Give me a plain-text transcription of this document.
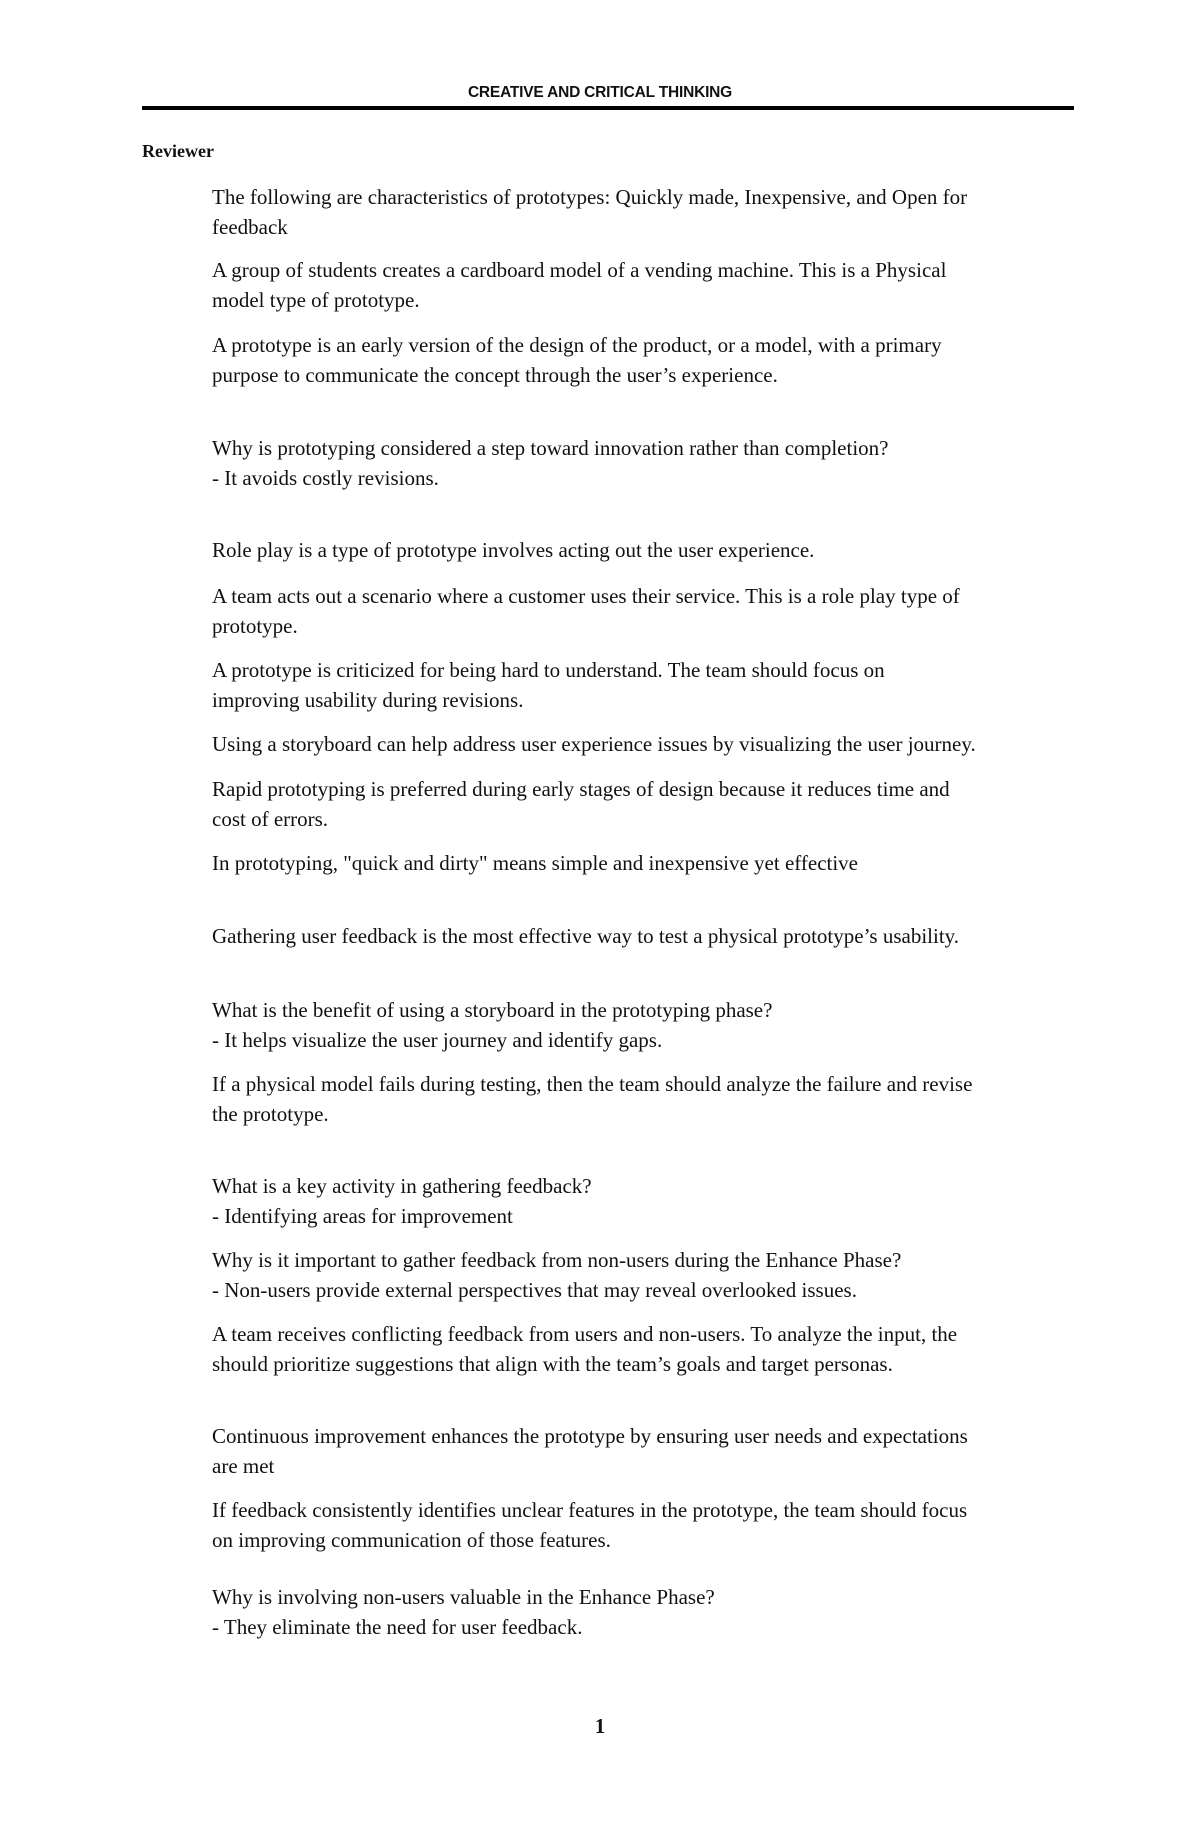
CREATIVE AND CRITICAL THINKING
Reviewer
The following are characteristics of prototypes: Quickly made, Inexpensive, and Open for
feedback
A group of students creates a cardboard model of a vending machine. This is a Physical
model type of prototype.
A prototype is an early version of the design of the product, or a model, with a primary
purpose to communicate the concept through the user’s experience.
Why is prototyping considered a step toward innovation rather than completion?
- It avoids costly revisions.
Role play is a type of prototype involves acting out the user experience.
A team acts out a scenario where a customer uses their service. This is a role play type of
prototype.
A prototype is criticized for being hard to understand. The team should focus on
improving usability during revisions.
Using a storyboard can help address user experience issues by visualizing the user journey.
Rapid prototyping is preferred during early stages of design because it reduces time and
cost of errors.
In prototyping, "quick and dirty" means simple and inexpensive yet effective
Gathering user feedback is the most effective way to test a physical prototype’s usability.
What is the benefit of using a storyboard in the prototyping phase?
- It helps visualize the user journey and identify gaps.
If a physical model fails during testing, then the team should analyze the failure and revise
the prototype.
What is a key activity in gathering feedback?
- Identifying areas for improvement
Why is it important to gather feedback from non-users during the Enhance Phase?
- Non-users provide external perspectives that may reveal overlooked issues.
A team receives conflicting feedback from users and non-users. To analyze the input, the
should prioritize suggestions that align with the team’s goals and target personas.
Continuous improvement enhances the prototype by ensuring user needs and expectations
are met
If feedback consistently identifies unclear features in the prototype, the team should focus
on improving communication of those features.
Why is involving non-users valuable in the Enhance Phase?
- They eliminate the need for user feedback.
1
